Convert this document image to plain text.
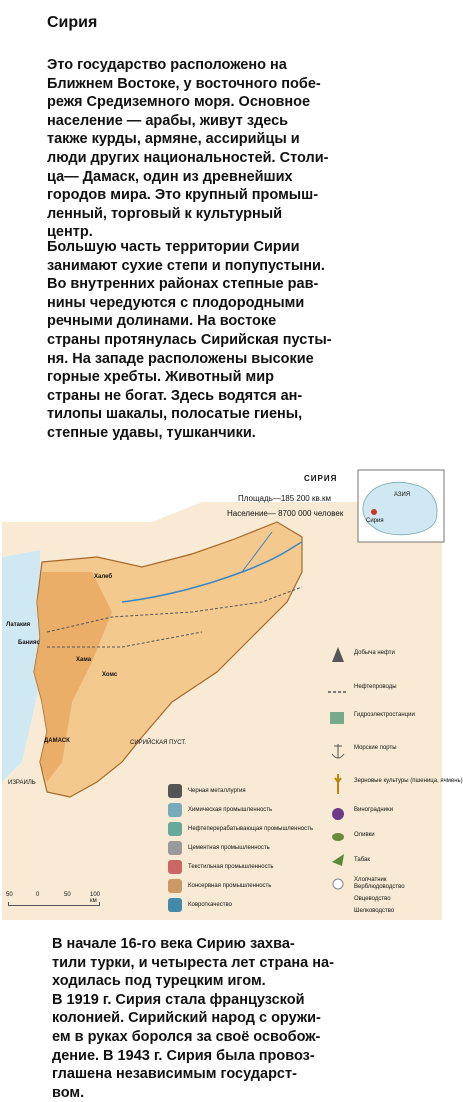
Сирия
Это государство расположено на
Ближнем Востоке, у восточного побе-
режя Средиземного моря. Основное
население — арабы, живут здесь
также курды, армяне, ассирийцы и
люди других национальностей. Столи-
ца— Дамаск, один из древнейших
городов мира. Это крупный промыш-
ленный, торговый к культурный
центр.
Большую часть территории Сирии
занимают сухие степи и попупустыни.
Во внутренних районах степные рав-
нины чередуются с плодородными
речными долинами. На востоке
страны протянулась Сирийская пусты-
ня. На западе расположены высокие
горные хребты. Животный мир
страны не богат. Здесь водятся ан-
тилопы шакалы, полосатые гиены,
степные удавы, тушканчики.
СИРИЯ
Площадь—185 200 кв.км
Население— 8700 000 человек
АЗИЯ
Сирия
Халеб
Латакия
Банияс
Хама
Хомс
ДАМАСК	СИРИЙСКАЯ ПУСТ.
ИЗРАИЛЬ
Добыча нефти
Нефтепроводы
Гидроэлектростанции
Морские порты
Зерновые культуры (пшеница, ячмень)
Виноградники
Оливки
Табак
Хлопчатник
Верблюдоводство
Овцеводство
Шелководство
Черная металлургия
Химическая промышленность
Нефтеперерабатывающая промышленность
Цементная промышленность
Текстильная промышленность
Консервная промышленность
Ковроткачество
50	0	50	100 км
В начале 16-го века Сирию захва-
тили турки, и четыреста лет страна на-
ходилась под турецким игом.
В 1919 г. Сирия стала французской
колонией. Сирийский народ с оружи-
ем в руках боролся за своё освобож-
дение. В 1943 г. Сирия была провоз-
глашена независимым государст-
вом.
